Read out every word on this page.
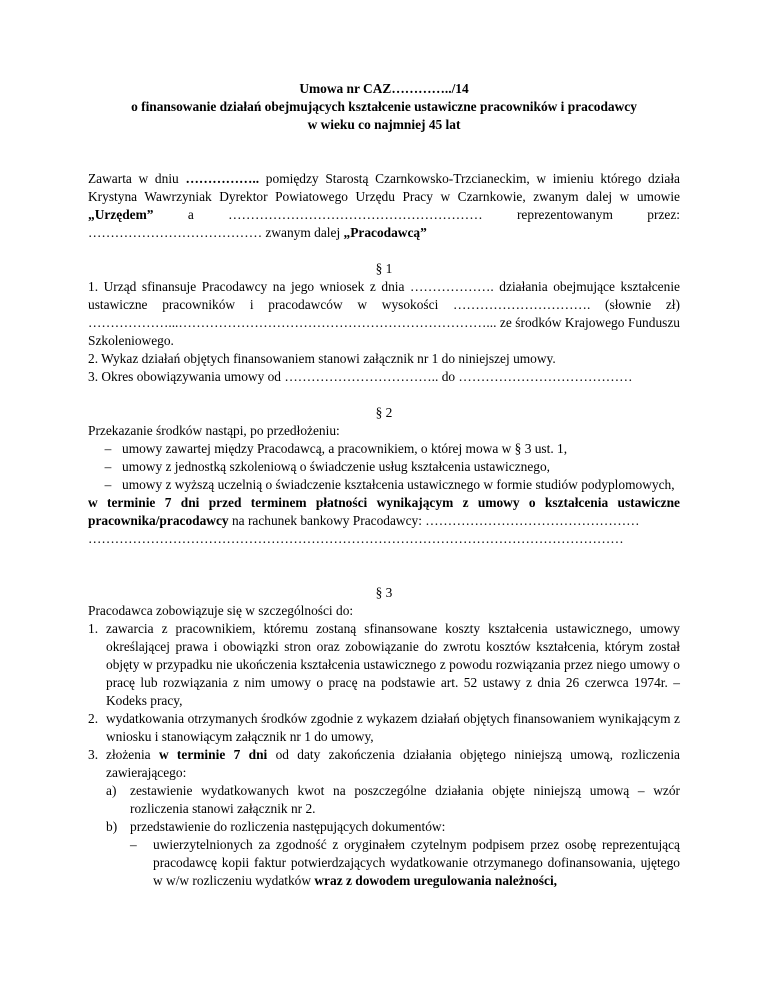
Umowa nr CAZ…………../14
o finansowanie działań obejmujących kształcenie ustawiczne pracowników i pracodawcy
w wieku co najmniej 45 lat
Zawarta w dniu …………….. pomiędzy Starostą Czarnkowsko-Trzcianeckim, w imieniu którego działa Krystyna Wawrzyniak Dyrektor Powiatowego Urzędu Pracy w Czarnkowie, zwanym dalej w umowie „Urzędem” a ………………………………………………… reprezentowanym przez: ………………………………… zwanym dalej „Pracodawcą”
§ 1
1. Urząd sfinansuje Pracodawcy na jego wniosek z dnia ………………. działania obejmujące kształcenie ustawiczne pracowników i pracodawców w wysokości …………………………. (słownie zł) ………………...……………………………………………………………... ze środków Krajowego Funduszu Szkoleniowego.
2. Wykaz działań objętych finansowaniem stanowi załącznik nr 1 do niniejszej umowy.
3. Okres obowiązywania umowy od …………………………….. do …………………………………
§ 2
Przekazanie środków nastąpi, po przedłożeniu:
– umowy zawartej między Pracodawcą, a pracownikiem, o której mowa w § 3 ust. 1,
– umowy z jednostką szkoleniową o świadczenie usług kształcenia ustawicznego,
– umowy z wyższą uczelnią o świadczenie kształcenia ustawicznego w formie studiów podyplomowych,
w terminie 7 dni przed terminem płatności wynikającym z umowy o kształcenia ustawiczne pracownika/pracodawcy na rachunek bankowy Pracodawcy: …………………………………………
…………………………………………………………………………………………………………
§ 3
Pracodawca zobowiązuje się w szczególności do:
1. zawarcia z pracownikiem, któremu zostaną sfinansowane koszty kształcenia ustawicznego, umowy określającej prawa i obowiązki stron oraz zobowiązanie do zwrotu kosztów kształcenia, którym został objęty w przypadku nie ukończenia kształcenia ustawicznego z powodu rozwiązania przez niego umowy o pracę lub rozwiązania z nim umowy o pracę na podstawie art. 52 ustawy z dnia 26 czerwca 1974r. – Kodeks pracy,
2. wydatkowania otrzymanych środków zgodnie z wykazem działań objętych finansowaniem wynikającym z wniosku i stanowiącym załącznik nr 1 do umowy,
3. złożenia w terminie 7 dni od daty zakończenia działania objętego niniejszą umową, rozliczenia zawierającego:
a) zestawienie wydatkowanych kwot na poszczególne działania objęte niniejszą umową – wzór rozliczenia stanowi załącznik nr 2.
b) przedstawienie do rozliczenia następujących dokumentów:
– uwierzytelnionych za zgodność z oryginałem czytelnym podpisem przez osobę reprezentującą pracodawcę kopii faktur potwierdzających wydatkowanie otrzymanego dofinansowania, ujętego w w/w rozliczeniu wydatków wraz z dowodem uregulowania należności,
